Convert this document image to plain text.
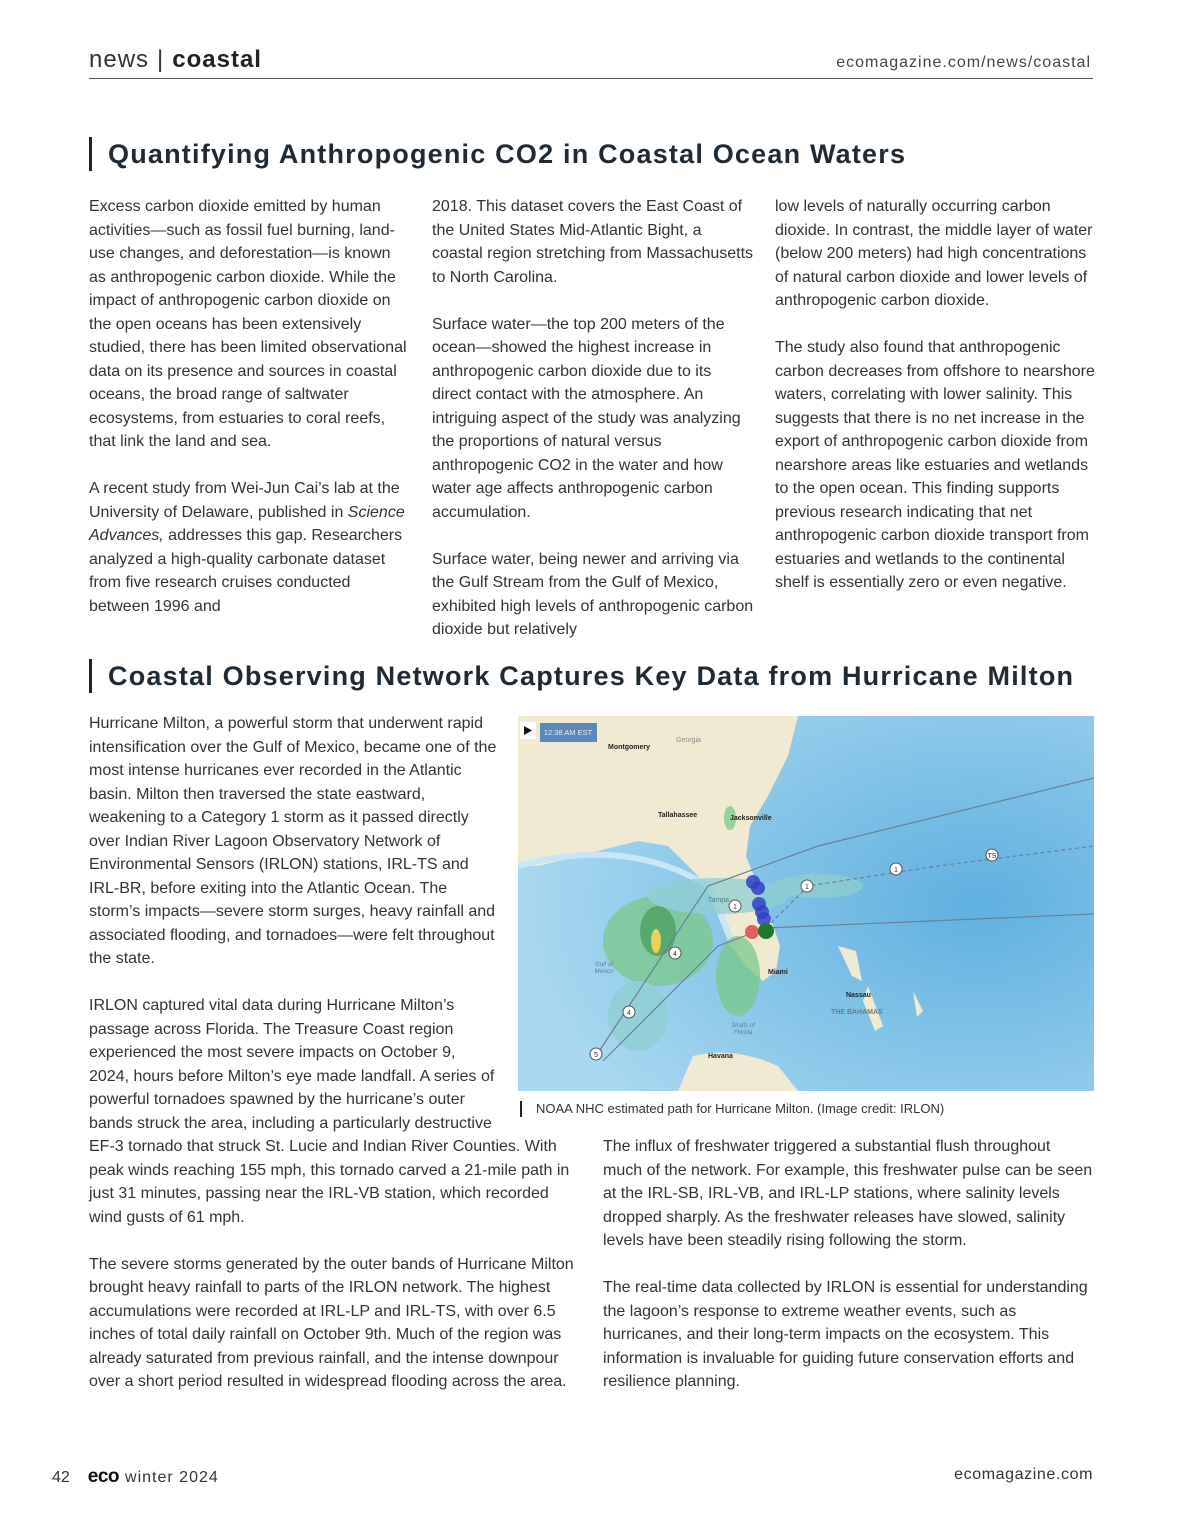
news | coastal	ecomagazine.com/news/coastal
Quantifying Anthropogenic CO2 in Coastal Ocean Waters

Excess carbon dioxide emitted by human activities—such as fossil fuel burning, land-use changes, and deforestation—is known as anthropogenic carbon dioxide. While the impact of anthropogenic carbon dioxide on the open oceans has been extensively studied, there has been limited observational data on its presence and sources in coastal oceans, the broad range of saltwater ecosystems, from estuaries to coral reefs, that link the land and sea.

A recent study from Wei-Jun Cai’s lab at the University of Delaware, published in Science Advances, addresses this gap. Researchers analyzed a high-quality carbonate dataset from five research cruises conducted between 1996 and

2018. This dataset covers the East Coast of the United States Mid-Atlantic Bight, a coastal region stretching from Massachusetts to North Carolina.

Surface water—the top 200 meters of the ocean—showed the highest increase in anthropogenic carbon dioxide due to its direct contact with the atmosphere. An intriguing aspect of the study was analyzing the proportions of natural versus anthropogenic CO2 in the water and how water age affects anthropogenic carbon accumulation.

Surface water, being newer and arriving via the Gulf Stream from the Gulf of Mexico, exhibited high levels of anthropogenic carbon dioxide but relatively

low levels of naturally occurring carbon dioxide. In contrast, the middle layer of water (below 200 meters) had high concentrations of natural carbon dioxide and lower levels of anthropogenic carbon dioxide.

The study also found that anthropogenic carbon decreases from offshore to nearshore waters, correlating with lower salinity. This suggests that there is no net increase in the export of anthropogenic carbon dioxide from nearshore areas like estuaries and wetlands to the open ocean. This finding supports previous research indicating that net anthropogenic carbon dioxide transport from estuaries and wetlands to the continental shelf is essentially zero or even negative.

Coastal Observing Network Captures Key Data from Hurricane Milton

Hurricane Milton, a powerful storm that underwent rapid intensification over the Gulf of Mexico, became one of the most intense hurricanes ever recorded in the Atlantic basin. Milton then traversed the state eastward, weakening to a Category 1 storm as it passed directly over Indian River Lagoon Observatory Network of Environmental Sensors (IRLON) stations, IRL-TS and IRL-BR, before exiting into the Atlantic Ocean. The storm’s impacts—severe storm surges, heavy rainfall and associated flooding, and tornadoes—were felt throughout the state.

IRLON captured vital data during Hurricane Milton’s passage across Florida. The Treasure Coast region experienced the most severe impacts on October 9, 2024, hours before Milton’s eye made landfall. A series of powerful tornadoes spawned by the hurricane’s outer bands struck the area, including a particularly destructive EF-3 tornado that struck St. Lucie and Indian River Counties. With peak winds reaching 155 mph, this tornado carved a 21-mile path in just 31 minutes, passing near the IRL-VB station, which recorded wind gusts of 61 mph.

The severe storms generated by the outer bands of Hurricane Milton brought heavy rainfall to parts of the IRLON network. The highest accumulations were recorded at IRL-LP and IRL-TS, with over 6.5 inches of total daily rainfall on October 9th. Much of the region was already saturated from previous rainfall, and the intense downpour over a short period resulted in widespread flooding across the area.

5
4
4
1
1
1
TS
Montgomery
Georgia
Tallahassee	Jacksonville
Tampa
Miami
Nassau
THE BAHAMAS
Havana
Gulf of
Mexico
Straits of
Florida
12:38 AM EST
NOAA NHC estimated path for Hurricane Milton. (Image credit: IRLON)

The influx of freshwater triggered a substantial flush throughout much of the network. For example, this freshwater pulse can be seen at the IRL-SB, IRL-VB, and IRL-LP stations, where salinity levels dropped sharply. As the freshwater releases have slowed, salinity levels have been steadily rising following the storm.

The real-time data collected by IRLON is essential for understanding the lagoon’s response to extreme weather events, such as hurricanes, and their long-term impacts on the ecosystem. This information is invaluable for guiding future conservation efforts and resilience planning.

42 eco winter 2024	ecomagazine.com
